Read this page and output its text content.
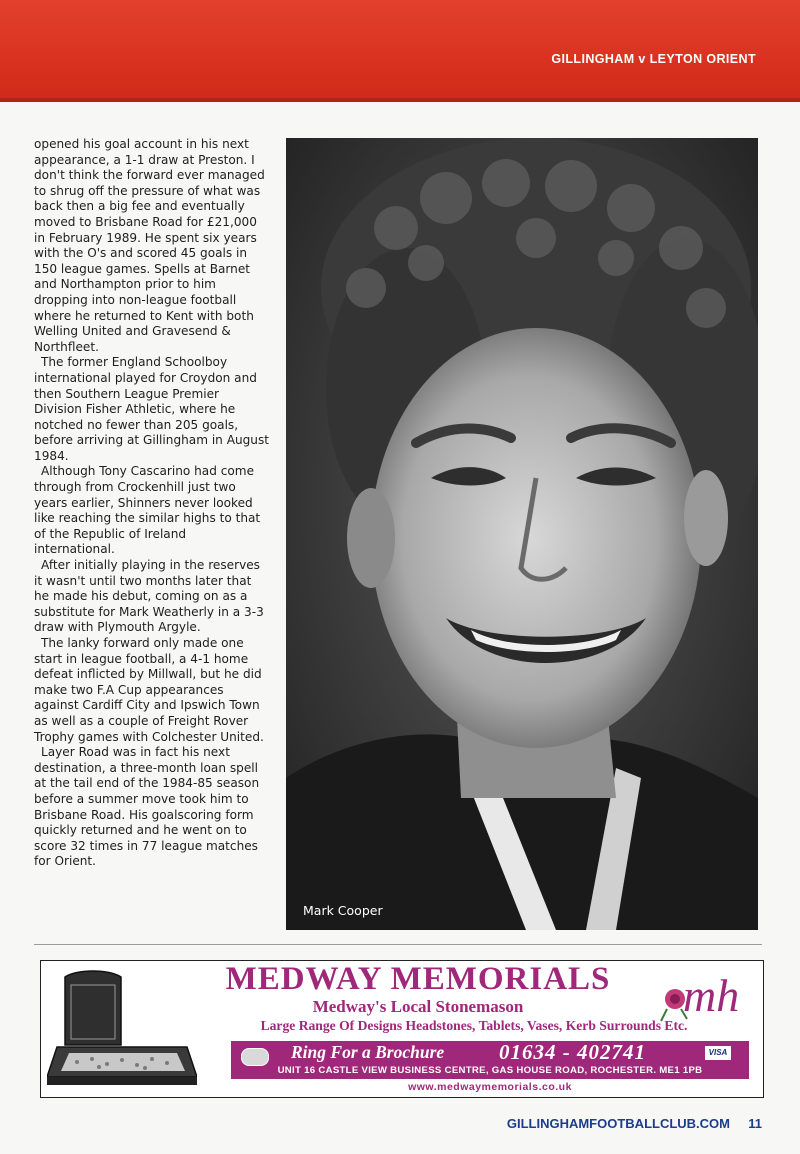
GILLINGHAM v LEYTON ORIENT

opened his goal account in his next appearance, a 1-1 draw at Preston. I don't think the forward ever managed to shrug off the pressure of what was back then a big fee and eventually moved to Brisbane Road for £21,000 in February 1989. He spent six years with the O's and scored 45 goals in 150 league games. Spells at Barnet and Northampton prior to him dropping into non-league football where he returned to Kent with both Welling United and Gravesend & Northfleet.

The former England Schoolboy international played for Croydon and then Southern League Premier Division Fisher Athletic, where he notched no fewer than 205 goals, before arriving at Gillingham in August 1984.

Although Tony Cascarino had come through from Crockenhill just two years earlier, Shinners never looked like reaching the similar highs to that of the Republic of Ireland international.

After initially playing in the reserves it wasn't until two months later that he made his debut, coming on as a substitute for Mark Weatherly in a 3-3 draw with Plymouth Argyle.

The lanky forward only made one start in league football, a 4-1 home defeat inflicted by Millwall, but he did make two F.A Cup appearances against Cardiff City and Ipswich Town as well as a couple of Freight Rover Trophy games with Colchester United.

Layer Road was in fact his next destination, a three-month loan spell at the tail end of the 1984-85 season before a summer move took him to Brisbane Road. His goalscoring form quickly returned and he went on to score 32 times in 77 league matches for Orient.

Mark Cooper
MEDWAY MEMORIALS
Medway's Local Stonemason
Large Range Of Designs Headstones, Tablets, Vases, Kerb Surrounds Etc.
mh
Ring For a Brochure	01634 - 402741	VISA
UNIT 16 CASTLE VIEW BUSINESS CENTRE, GAS HOUSE ROAD, ROCHESTER. ME1 1PB
www.medwaymemorials.co.uk
GILLINGHAMFOOTBALLCLUB.COM 11
